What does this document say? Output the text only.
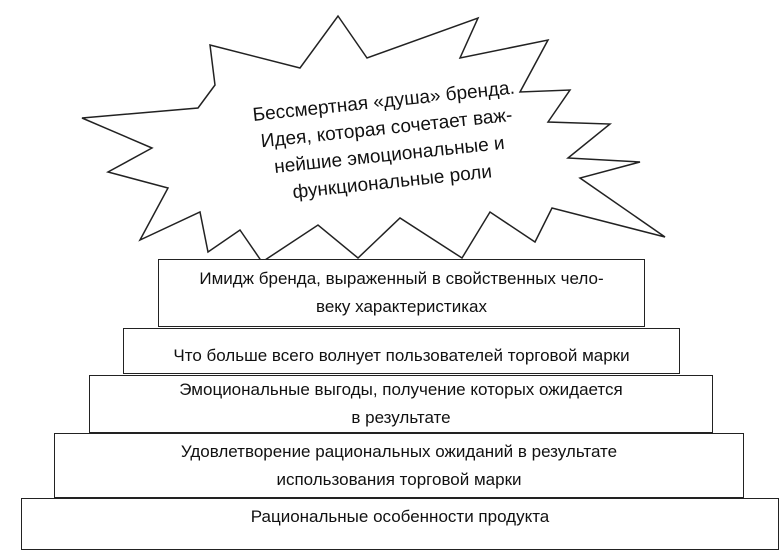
Бессмертная «душа» бренда.
Идея, которая сочетает важ-
нейшие эмоциональные и
функциональные роли
Имидж бренда, выраженный в свойственных чело-
веку характеристиках
Что больше всего волнует пользователей торговой марки
Эмоциональные выгоды, получение которых ожидается
в результате
Удовлетворение рациональных ожиданий в результате
использования торговой марки
Рациональные особенности продукта
